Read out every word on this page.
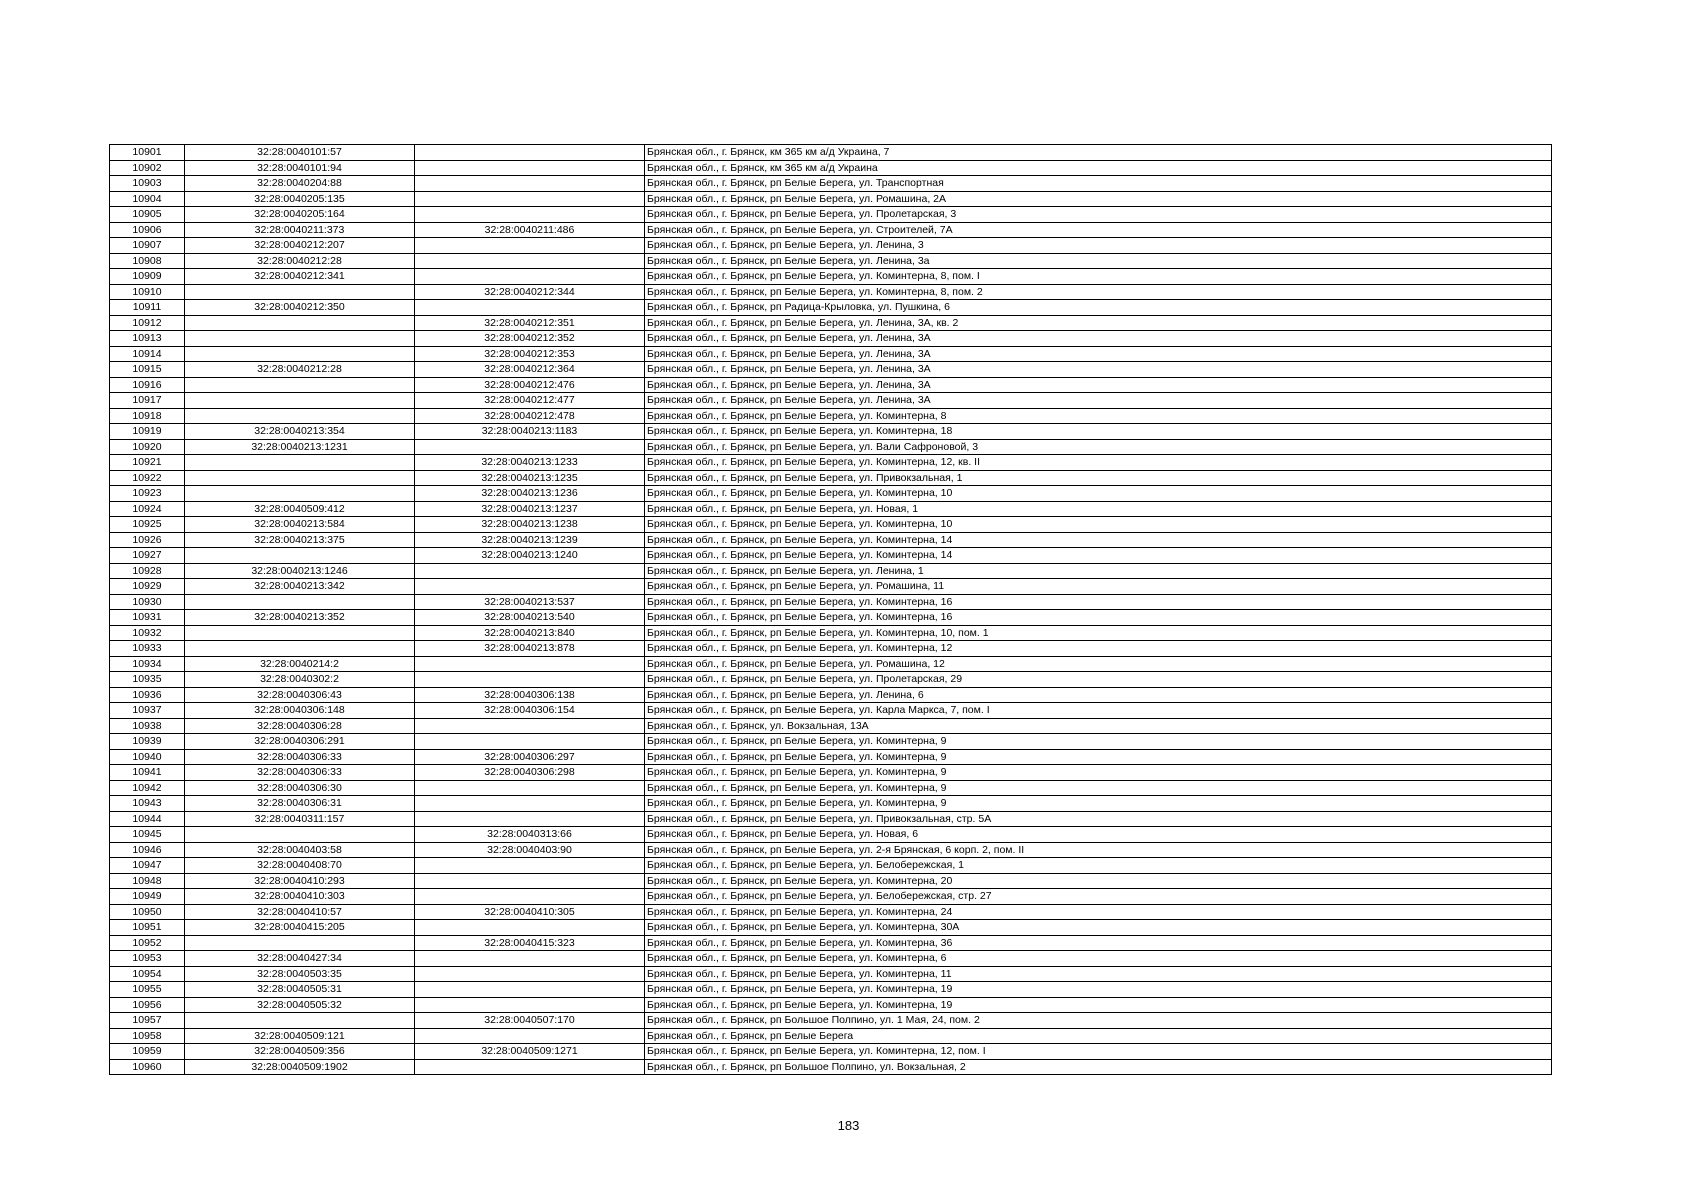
10901	32:28:0040101:57		Брянская обл., г. Брянск, км 365 км а/д Украина, 7
10902	32:28:0040101:94		Брянская обл., г. Брянск, км 365 км а/д Украина
10903	32:28:0040204:88		Брянская обл., г. Брянск, рп Белые Берега, ул. Транспортная
10904	32:28:0040205:135		Брянская обл., г. Брянск, рп Белые Берега, ул. Ромашина, 2А
10905	32:28:0040205:164		Брянская обл., г. Брянск, рп Белые Берега, ул. Пролетарская, 3
10906	32:28:0040211:373	32:28:0040211:486	Брянская обл., г. Брянск, рп Белые Берега, ул. Строителей, 7А
10907	32:28:0040212:207		Брянская обл., г. Брянск, рп Белые Берега, ул. Ленина, 3
10908	32:28:0040212:28		Брянская обл., г. Брянск, рп Белые Берега, ул. Ленина, 3а
10909	32:28:0040212:341		Брянская обл., г. Брянск, рп Белые Берега, ул. Коминтерна, 8, пом. I
10910		32:28:0040212:344	Брянская обл., г. Брянск, рп Белые Берега, ул. Коминтерна, 8, пом. 2
10911	32:28:0040212:350		Брянская обл., г. Брянск, рп Радица-Крыловка, ул. Пушкина, 6
10912		32:28:0040212:351	Брянская обл., г. Брянск, рп Белые Берега, ул. Ленина, 3А, кв. 2
10913		32:28:0040212:352	Брянская обл., г. Брянск, рп Белые Берега, ул. Ленина, 3А
10914		32:28:0040212:353	Брянская обл., г. Брянск, рп Белые Берега, ул. Ленина, 3А
10915	32:28:0040212:28	32:28:0040212:364	Брянская обл., г. Брянск, рп Белые Берега, ул. Ленина, 3А
10916		32:28:0040212:476	Брянская обл., г. Брянск, рп Белые Берега, ул. Ленина, 3А
10917		32:28:0040212:477	Брянская обл., г. Брянск, рп Белые Берега, ул. Ленина, 3А
10918		32:28:0040212:478	Брянская обл., г. Брянск, рп Белые Берега, ул. Коминтерна, 8
10919	32:28:0040213:354	32:28:0040213:1183	Брянская обл., г. Брянск, рп Белые Берега, ул. Коминтерна, 18
10920	32:28:0040213:1231		Брянская обл., г. Брянск, рп Белые Берега, ул. Вали Сафроновой, 3
10921		32:28:0040213:1233	Брянская обл., г. Брянск, рп Белые Берега, ул. Коминтерна, 12, кв. II
10922		32:28:0040213:1235	Брянская обл., г. Брянск, рп Белые Берега, ул. Привокзальная, 1
10923		32:28:0040213:1236	Брянская обл., г. Брянск, рп Белые Берега, ул. Коминтерна, 10
10924	32:28:0040509:412	32:28:0040213:1237	Брянская обл., г. Брянск, рп Белые Берега, ул. Новая, 1
10925	32:28:0040213:584	32:28:0040213:1238	Брянская обл., г. Брянск, рп Белые Берега, ул. Коминтерна, 10
10926	32:28:0040213:375	32:28:0040213:1239	Брянская обл., г. Брянск, рп Белые Берега, ул. Коминтерна, 14
10927		32:28:0040213:1240	Брянская обл., г. Брянск, рп Белые Берега, ул. Коминтерна, 14
10928	32:28:0040213:1246		Брянская обл., г. Брянск, рп Белые Берега, ул. Ленина, 1
10929	32:28:0040213:342		Брянская обл., г. Брянск, рп Белые Берега, ул. Ромашина, 11
10930		32:28:0040213:537	Брянская обл., г. Брянск, рп Белые Берега, ул. Коминтерна, 16
10931	32:28:0040213:352	32:28:0040213:540	Брянская обл., г. Брянск, рп Белые Берега, ул. Коминтерна, 16
10932		32:28:0040213:840	Брянская обл., г. Брянск, рп Белые Берега, ул. Коминтерна, 10, пом. 1
10933		32:28:0040213:878	Брянская обл., г. Брянск, рп Белые Берега, ул. Коминтерна, 12
10934	32:28:0040214:2		Брянская обл., г. Брянск, рп Белые Берега, ул. Ромашина, 12
10935	32:28:0040302:2		Брянская обл., г. Брянск, рп Белые Берега, ул. Пролетарская, 29
10936	32:28:0040306:43	32:28:0040306:138	Брянская обл., г. Брянск, рп Белые Берега, ул. Ленина, 6
10937	32:28:0040306:148	32:28:0040306:154	Брянская обл., г. Брянск, рп Белые Берега, ул. Карла Маркса, 7, пом. I
10938	32:28:0040306:28		Брянская обл., г. Брянск, ул. Вокзальная, 13А
10939	32:28:0040306:291		Брянская обл., г. Брянск, рп Белые Берега, ул. Коминтерна, 9
10940	32:28:0040306:33	32:28:0040306:297	Брянская обл., г. Брянск, рп Белые Берега, ул. Коминтерна, 9
10941	32:28:0040306:33	32:28:0040306:298	Брянская обл., г. Брянск, рп Белые Берега, ул. Коминтерна, 9
10942	32:28:0040306:30		Брянская обл., г. Брянск, рп Белые Берега, ул. Коминтерна, 9
10943	32:28:0040306:31		Брянская обл., г. Брянск, рп Белые Берега, ул. Коминтерна, 9
10944	32:28:0040311:157		Брянская обл., г. Брянск, рп Белые Берега, ул. Привокзальная, стр. 5А
10945		32:28:0040313:66	Брянская обл., г. Брянск, рп Белые Берега, ул. Новая, 6
10946	32:28:0040403:58	32:28:0040403:90	Брянская обл., г. Брянск, рп Белые Берега, ул. 2-я Брянская, 6 корп. 2, пом. II
10947	32:28:0040408:70		Брянская обл., г. Брянск, рп Белые Берега, ул. Белобережская, 1
10948	32:28:0040410:293		Брянская обл., г. Брянск, рп Белые Берега, ул. Коминтерна, 20
10949	32:28:0040410:303		Брянская обл., г. Брянск, рп Белые Берега, ул. Белобережская, стр. 27
10950	32:28:0040410:57	32:28:0040410:305	Брянская обл., г. Брянск, рп Белые Берега, ул. Коминтерна, 24
10951	32:28:0040415:205		Брянская обл., г. Брянск, рп Белые Берега, ул. Коминтерна, 30А
10952		32:28:0040415:323	Брянская обл., г. Брянск, рп Белые Берега, ул. Коминтерна, 36
10953	32:28:0040427:34		Брянская обл., г. Брянск, рп Белые Берега, ул. Коминтерна, 6
10954	32:28:0040503:35		Брянская обл., г. Брянск, рп Белые Берега, ул. Коминтерна, 11
10955	32:28:0040505:31		Брянская обл., г. Брянск, рп Белые Берега, ул. Коминтерна, 19
10956	32:28:0040505:32		Брянская обл., г. Брянск, рп Белые Берега, ул. Коминтерна, 19
10957		32:28:0040507:170	Брянская обл., г. Брянск, рп Большое Полпино, ул. 1 Мая, 24, пом. 2
10958	32:28:0040509:121		Брянская обл., г. Брянск, рп Белые Берега
10959	32:28:0040509:356	32:28:0040509:1271	Брянская обл., г. Брянск, рп Белые Берега, ул. Коминтерна, 12, пом. I
10960	32:28:0040509:1902		Брянская обл., г. Брянск, рп Большое Полпино, ул. Вокзальная, 2
183
